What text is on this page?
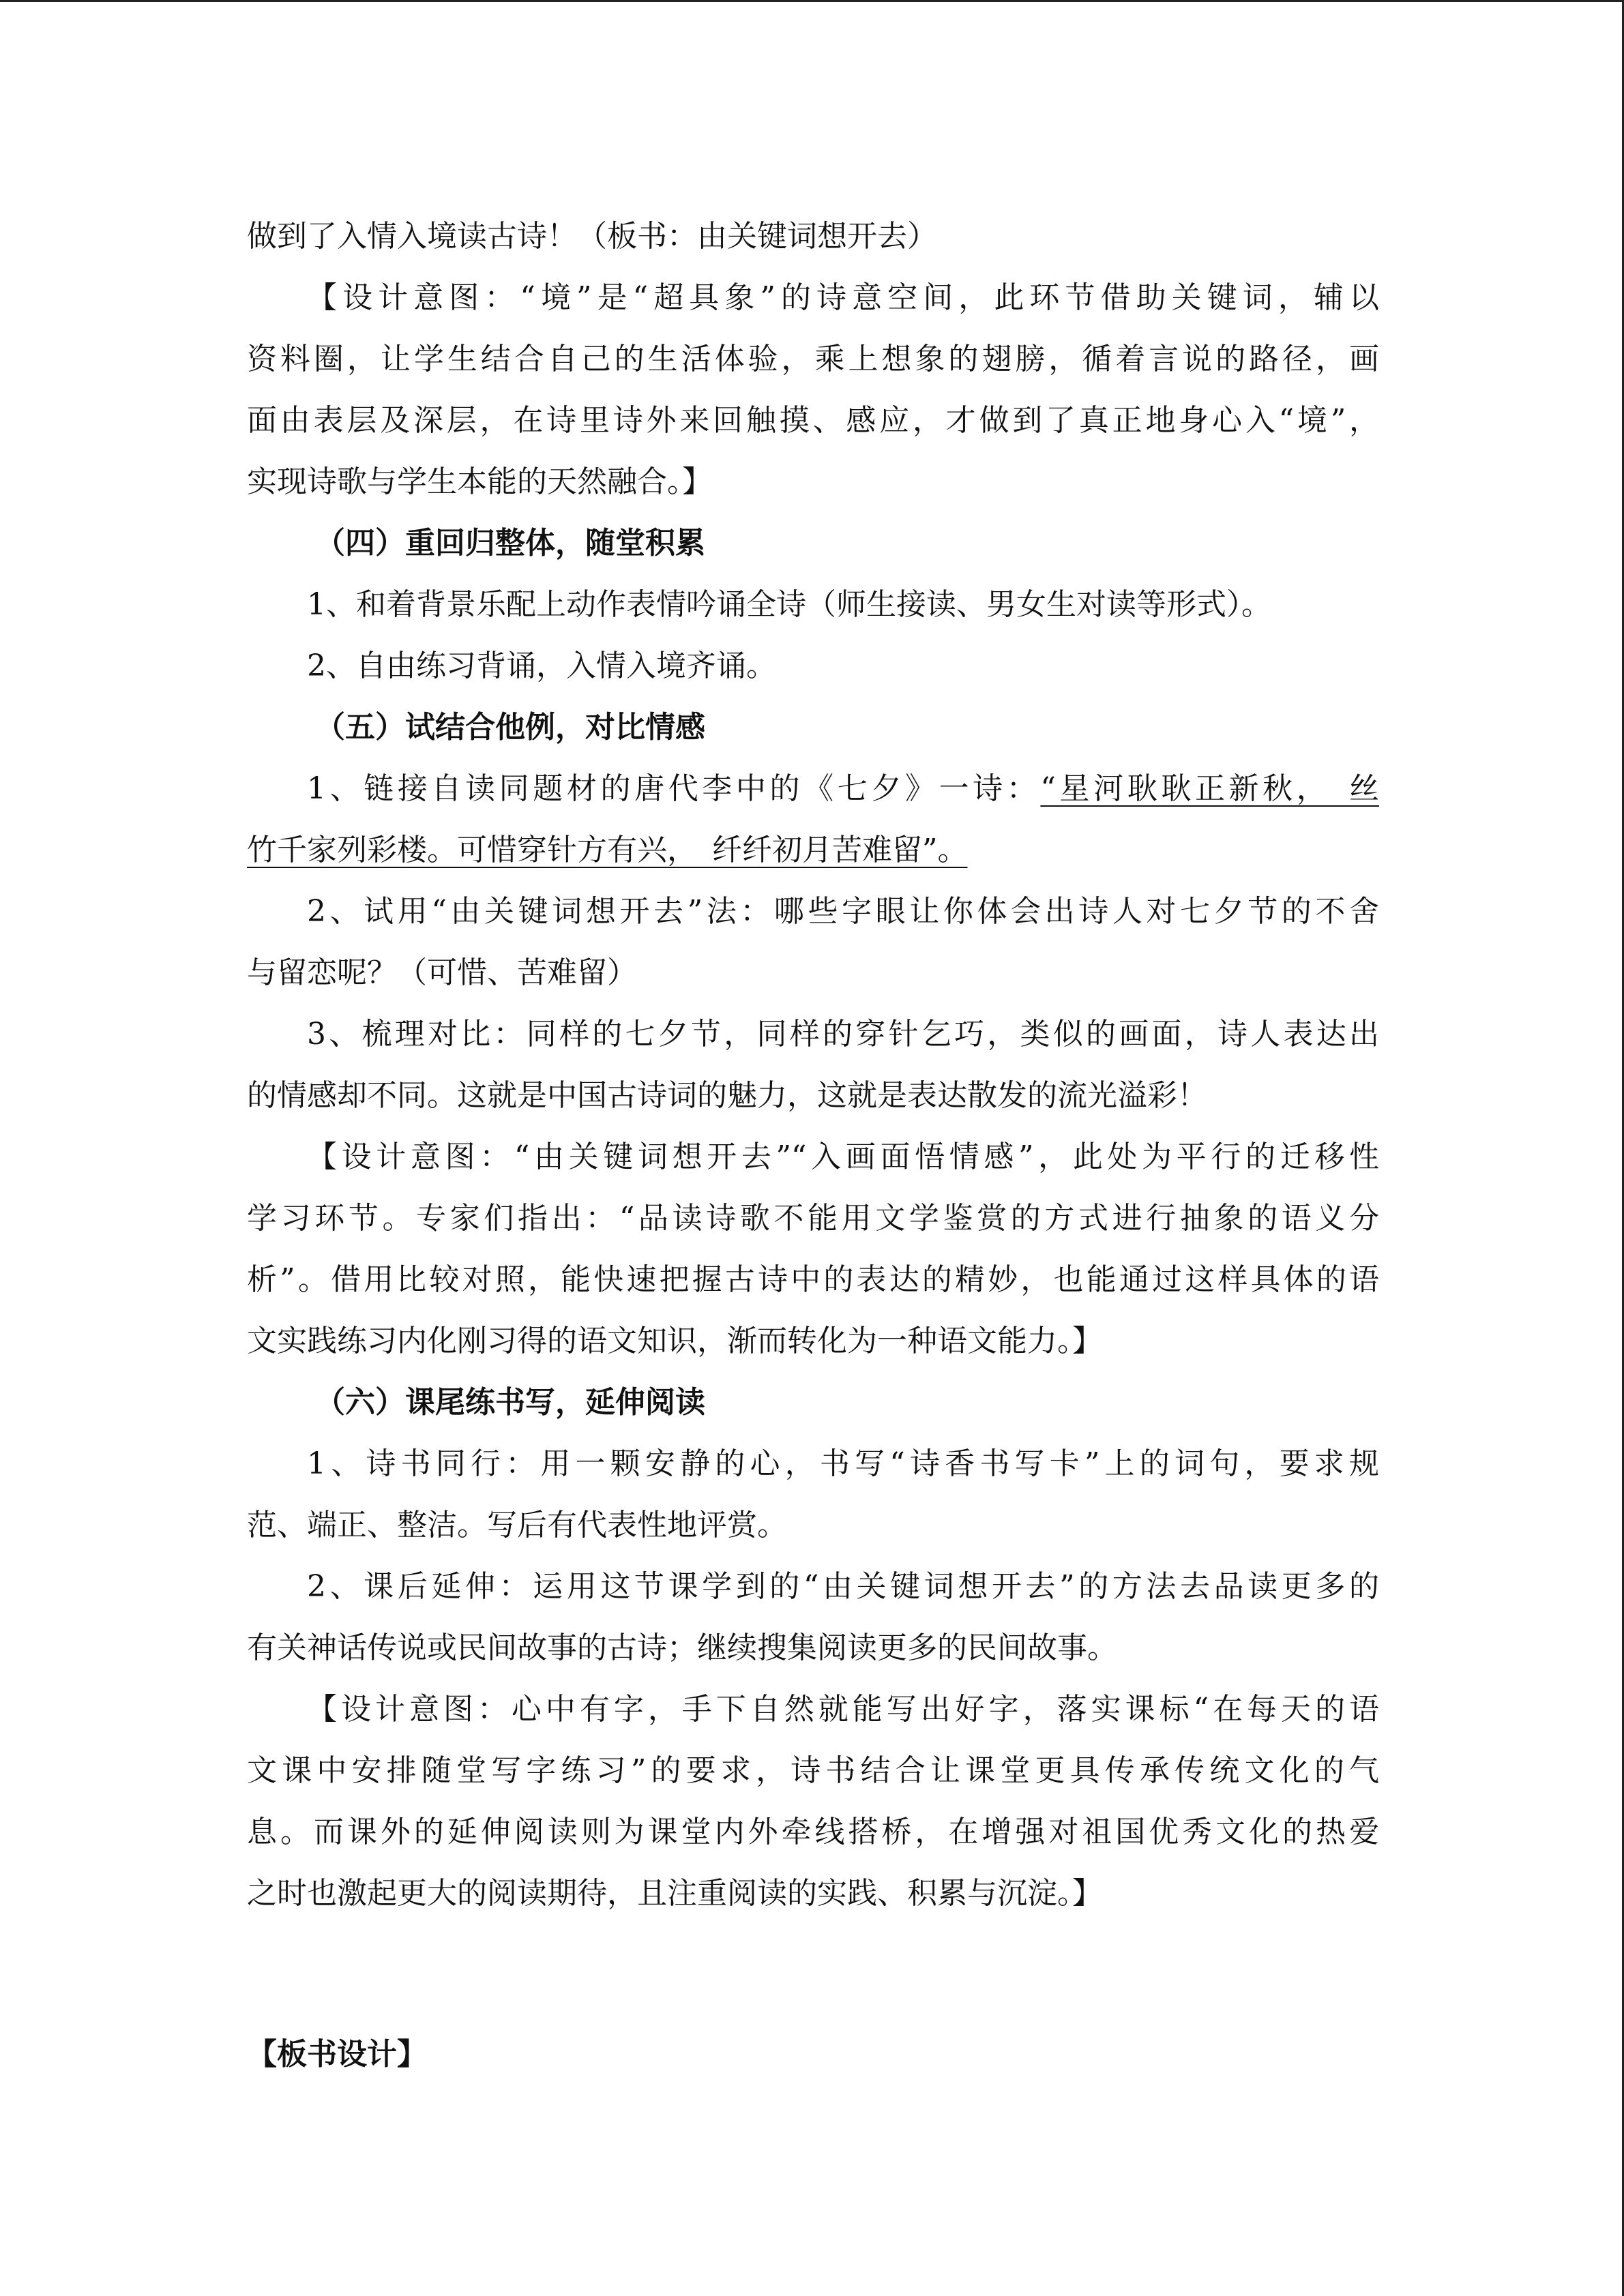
做到了入情入境读古诗！（板书：由关键词想开去）

【设计意图：“境”是“超具象”的诗意空间，此环节借助关键词，辅以

资料圈，让学生结合自己的生活体验，乘上想象的翅膀，循着言说的路径，画

面由表层及深层，在诗里诗外来回触摸、感应，才做到了真正地身心入“境”，

实现诗歌与学生本能的天然融合。】

（四）重回归整体，随堂积累

1、和着背景乐配上动作表情吟诵全诗（师生接读、男女生对读等形式）。

2、自由练习背诵，入情入境齐诵。

（五）试结合他例，对比情感

1、链接自读同题材的唐代李中的《七夕》一诗：“星河耿耿正新秋，　丝

竹千家列彩楼。可惜穿针方有兴，　纤纤初月苦难留”。

2、试用“由关键词想开去”法：哪些字眼让你体会出诗人对七夕节的不舍

与留恋呢？（可惜、苦难留）

3、梳理对比：同样的七夕节，同样的穿针乞巧，类似的画面，诗人表达出

的情感却不同。这就是中国古诗词的魅力，这就是表达散发的流光溢彩！

【设计意图：“由关键词想开去”“入画面悟情感”，此处为平行的迁移性

学习环节。专家们指出：“品读诗歌不能用文学鉴赏的方式进行抽象的语义分

析”。借用比较对照，能快速把握古诗中的表达的精妙，也能通过这样具体的语

文实践练习内化刚习得的语文知识，渐而转化为一种语文能力。】

（六）课尾练书写，延伸阅读

1、诗书同行：用一颗安静的心，书写“诗香书写卡”上的词句，要求规

范、端正、整洁。写后有代表性地评赏。

2、课后延伸：运用这节课学到的“由关键词想开去”的方法去品读更多的

有关神话传说或民间故事的古诗；继续搜集阅读更多的民间故事。

【设计意图：心中有字，手下自然就能写出好字，落实课标“在每天的语

文课中安排随堂写字练习”的要求，诗书结合让课堂更具传承传统文化的气

息。而课外的延伸阅读则为课堂内外牵线搭桥，在增强对祖国优秀文化的热爱

之时也激起更大的阅读期待，且注重阅读的实践、积累与沉淀。】

【板书设计】
